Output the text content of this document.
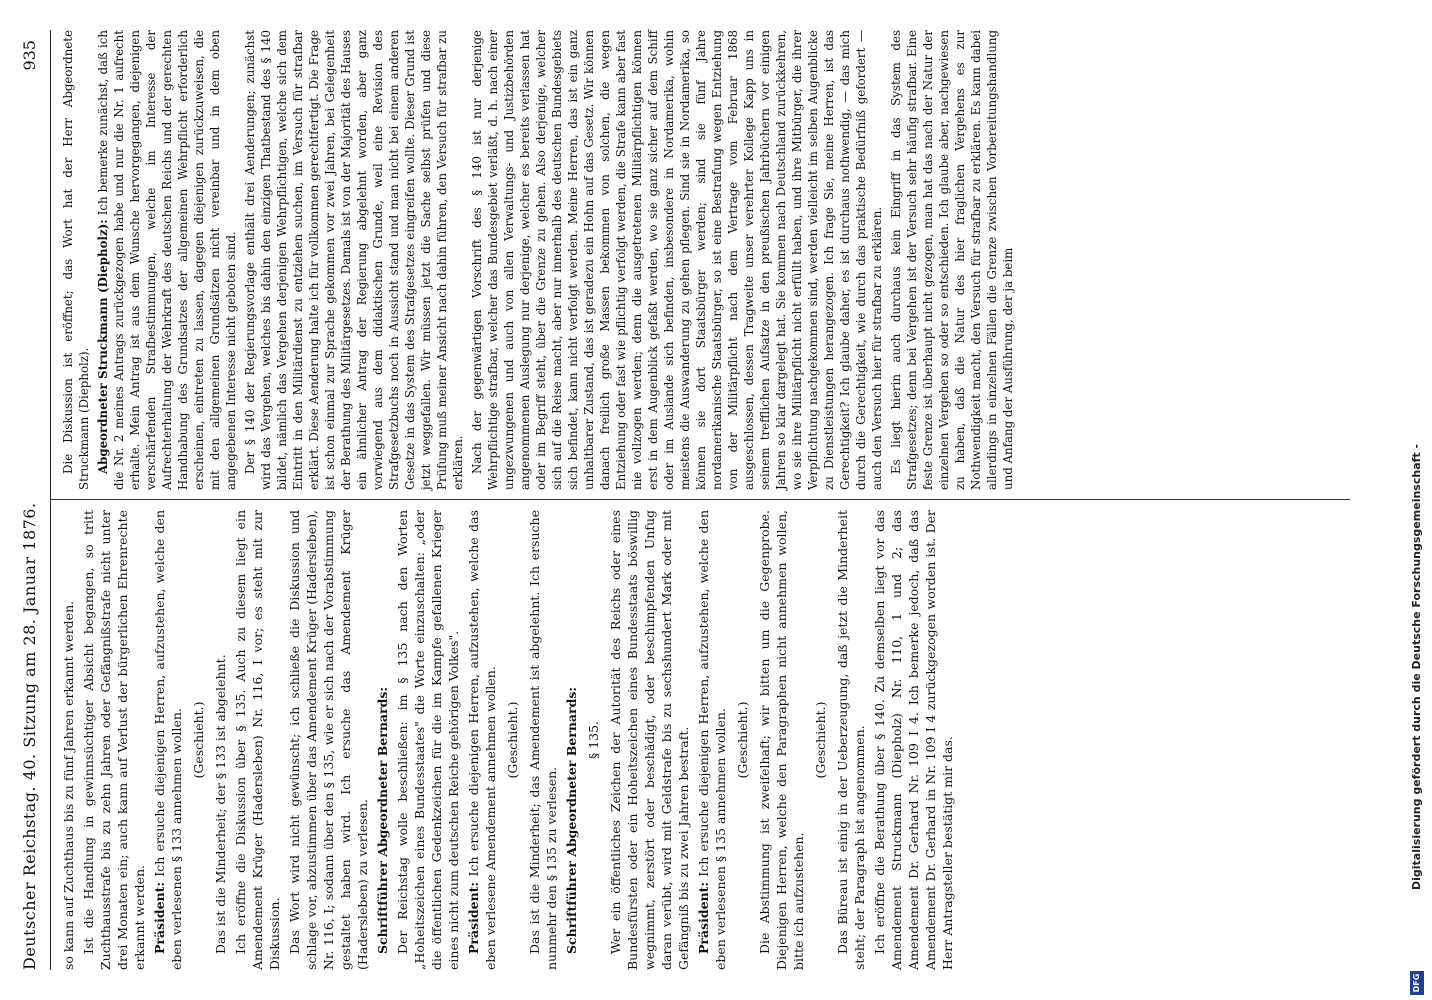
Deutscher Reichstag. 40. Sitzung am 28. Januar 1876.
935

so kann auf Zuchthaus bis zu fünf Jahren erkannt werden. Ist die Handlung in gewinnsüchtiger Absicht begangen, so tritt Zuchthausstrafe bis zu zehn Jahren oder Gefängnißstrafe nicht unter drei Monaten ein; auch kann auf Verlust der bürgerlichen Ehrenrechte erkannt werden. Präsident: Ich ersuche diejenigen Herren, aufzustehen, welche den eben verlesenen § 133 annehmen wollen. (Geschieht.) Das ist die Minderheit; der § 133 ist abgelehnt. Ich eröffne die Diskussion über § 135. Auch zu diesem liegt ein Amendement Krüger (Hadersleben) Nr. 116, I vor; es steht mit zur Diskussion. Das Wort wird nicht gewünscht; ich schließe die Diskussion und schlage vor, abzustimmen über das Amendement Krüger (Hadersleben), Nr. 116, I; sodann über den § 135, wie er sich nach der Vorabstimmung gestaltet haben wird. Ich ersuche das Amendement Krüger (Hadersleben) zu verlesen. Schriftführer Abgeordneter Bernards: Der Reichstag wolle beschließen: im § 135 nach den Worten „Hoheitszeichen eines Bundesstaates" die Worte einzuschalten: „oder die öffentlichen Gedenkzeichen für die im Kampfe gefallenen Krieger eines nicht zum deutschen Reiche gehörigen Volkes". Präsident: Ich ersuche diejenigen Herren, aufzustehen, welche das eben verlesene Amendement annehmen wollen. (Geschieht.) Das ist die Minderheit; das Amendement ist abgelehnt. Ich ersuche nunmehr den § 135 zu verlesen. Schriftführer Abgeordneter Bernards: § 135. Wer ein öffentliches Zeichen der Autorität des Reichs oder eines Bundesfürsten oder ein Hoheitszeichen eines Bundesstaats böswillig wegnimmt, zerstört oder beschädigt, oder beschimpfenden Unfug daran verübt, wird mit Geldstrafe bis zu sechshundert Mark oder mit Gefängniß bis zu zwei Jahren bestraft. Präsident: Ich ersuche diejenigen Herren, aufzustehen, welche den eben verlesenen § 135 annehmen wollen. (Geschieht.) Die Abstimmung ist zweifelhaft; wir bitten um die Gegenprobe. Diejenigen Herren, welche den Paragraphen nicht annehmen wollen, bitte ich aufzustehen.

(Geschieht.) Das Büreau ist einig in der Ueberzeugung, daß jetzt die Minderheit steht; der Paragraph ist angenommen. Ich eröffne die Berathung über § 140. Zu demselben liegt vor das Amendement Struckmann (Diepholz) Nr. 110, 1 und 2; das Amendement Dr. Gerhard Nr. 109 I 4. Ich bemerke jedoch, daß das Amendement Dr. Gerhard in Nr. 109 I 4 zurückgezogen worden ist. Der Herr Antragsteller bestätigt mir das.

Die Diskussion ist eröffnet; das Wort hat der Herr Abgeordnete Struckmann (Diepholz). Abgeordneter Struckmann (Diepholz): Ich bemerke zunächst, daß ich die Nr. 2 meines Antrags zurückgezogen habe und nur die Nr. 1 aufrecht erhalte. Mein Antrag ist aus dem Wunsche hervorgegangen, diejenigen verschärfenden Strafbestimmungen, welche im Interesse der Aufrechterhaltung der Wehrkraft des deutschen Reichs und der gerechten Handhabung des Grundsatzes der allgemeinen Wehrpflicht erforderlich erscheinen, eintreten zu lassen, dagegen diejenigen zurückzuweisen, die mit den allgemeinen Grundsätzen nicht vereinbar und in dem oben angegebenen Interesse nicht geboten sind. Der § 140 der Regierungsvorlage enthält drei Aenderungen; zunächst wird das Vergehen, welches bis dahin den einzigen Thatbestand des § 140 bildet, nämlich das Vergehen derjenigen Wehrpflichtigen, welche sich dem Eintritt in den Militärdienst zu entziehen suchen, im Versuch für strafbar erklärt. Diese Aenderung halte ich für vollkommen gerechtfertigt. Die Frage ist schon einmal zur Sprache gekommen vor zwei Jahren, bei Gelegenheit der Berathung des Militärgesetzes. Damals ist von der Majorität des Hauses ein ähnlicher Antrag der Regierung abgelehnt worden, aber ganz vorwiegend aus dem didaktischen Grunde, weil eine Revision des Strafgesetzbuchs noch in Aussicht stand und man nicht bei einem anderen Gesetze in das System des Strafgesetzes eingreifen wollte. Dieser Grund ist jetzt weggefallen. Wir müssen jetzt die Sache selbst prüfen und diese Prüfung muß meiner Ansicht nach dahin führen, den Versuch für strafbar zu erklären. Nach der gegenwärtigen Vorschrift des § 140 ist nur derjenige Wehrpflichtige strafbar, welcher das Bundesgebiet verläßt, d. h. nach einer ungezwungenen und auch von allen Verwaltungs- und Justizbehörden angenommenen Auslegung nur derjenige, welcher es bereits verlassen hat oder im Begriff steht, über die Grenze zu gehen. Also derjenige, welcher sich auf die Reise macht, aber nur innerhalb des deutschen Bundesgebiets sich befindet, kann nicht verfolgt werden. Meine Herren, das ist ein ganz unhaltbarer Zustand, das ist geradezu ein Hohn auf das Gesetz. Wir können danach freilich große Massen bekommen von solchen, die wegen Entziehung oder fast wie pflichtig verfolgt werden, die Strafe kann aber fast nie vollzogen werden; denn die ausgetretenen Militärpflichtigen können erst in dem Augenblick gefaßt werden, wo sie ganz sicher auf dem Schiff oder im Auslande sich befinden, insbesondere in Nordamerika, wohin meistens die Auswanderung zu gehen pflegen. Sind sie in Nordamerika, so können sie dort Staatsbürger werden; sind sie fünf Jahre nordamerikanische Staatsbürger, so ist eine Bestrafung wegen Entziehung von der Militärpflicht nach dem Vertrage vom Februar 1868 ausgeschlossen, dessen Tragweite unser verehrter Kollege Kapp uns in seinem trefflichen Aufsatze in den preußischen Jahrbüchern vor einigen Jahren so klar dargelegt hat. Sie kommen nach Deutschland zurückkehren, wo sie ihre Militärpflicht nicht erfüllt haben, und ihre Mitbürger, die ihrer Verpflichtung nachgekommen sind, werden vielleicht im selben Augenblicke zu Dienstleistungen herangezogen. Ich frage Sie, meine Herren, ist das Gerechtigkeit? Ich glaube daher, es ist durchaus nothwendig, — das mich durch die Gerechtigkeit, wie durch das praktische Bedürfniß gefordert — auch den Versuch hier für strafbar zu erklären. Es liegt hierin auch durchaus kein Eingriff in das System des Strafgesetzes; denn bei Vergehen ist der Versuch sehr häufig strafbar. Eine feste Grenze ist überhaupt nicht gezogen, man hat das nach der Natur der einzelnen Vergehen so oder so entschieden. Ich glaube aber, nachgewiesen zu haben, daß die Natur des hier fraglichen Vergehens es zur Nothwendigkeit macht, den Versuch für strafbar zu erklären. Es kann dabei allerdings in einzelnen Fällen die Grenze zwischen Vorbereitungshandlung und Anfang der Ausführung, der ja beim

DFG
Digitalisierung gefördert durch die Deutsche Forschungsgemeinschaft -
